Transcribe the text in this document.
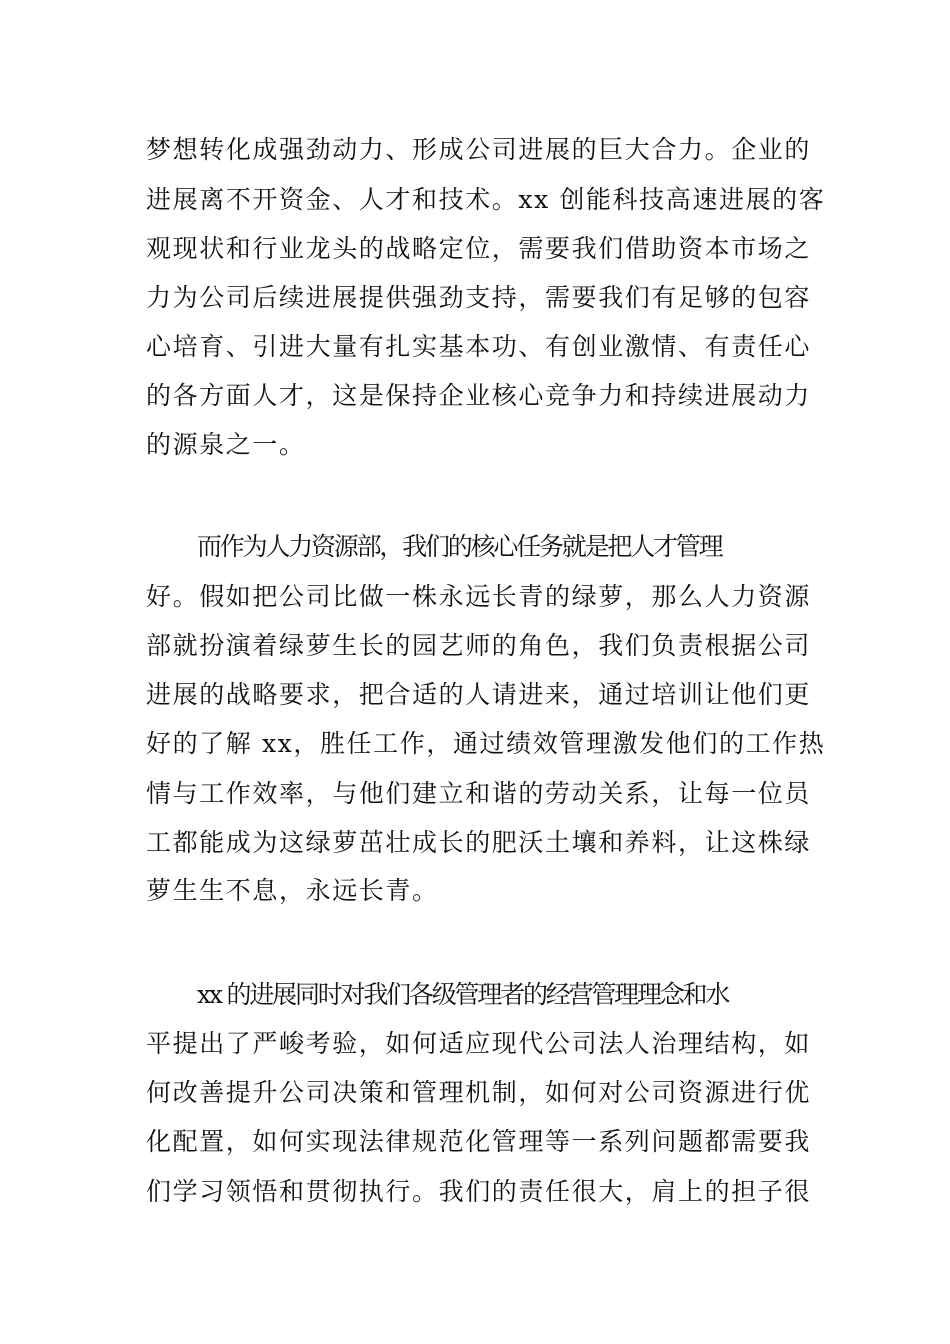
梦想转化成强劲动力、形成公司进展的巨大合力。企业的
进展离不开资金、人才和技术。xx 创能科技高速进展的客
观现状和行业龙头的战略定位，需要我们借助资本市场之
力为公司后续进展提供强劲支持，需要我们有足够的包容
心培育、引进大量有扎实基本功、有创业激情、有责任心
的各方面人才，这是保持企业核心竞争力和持续进展动力
的源泉之一。
而作为人力资源部，我们的核心任务就是把人才管理
好。假如把公司比做一株永远长青的绿萝，那么人力资源
部就扮演着绿萝生长的园艺师的角色，我们负责根据公司
进展的战略要求，把合适的人请进来，通过培训让他们更
好的了解 xx，胜任工作，通过绩效管理激发他们的工作热
情与工作效率，与他们建立和谐的劳动关系，让每一位员
工都能成为这绿萝茁壮成长的肥沃土壤和养料，让这株绿
萝生生不息，永远长青。
xx 的进展同时对我们各级管理者的经营管理理念和水
平提出了严峻考验，如何适应现代公司法人治理结构，如
何改善提升公司决策和管理机制，如何对公司资源进行优
化配置，如何实现法律规范化管理等一系列问题都需要我
们学习领悟和贯彻执行。我们的责任很大，肩上的担子很
